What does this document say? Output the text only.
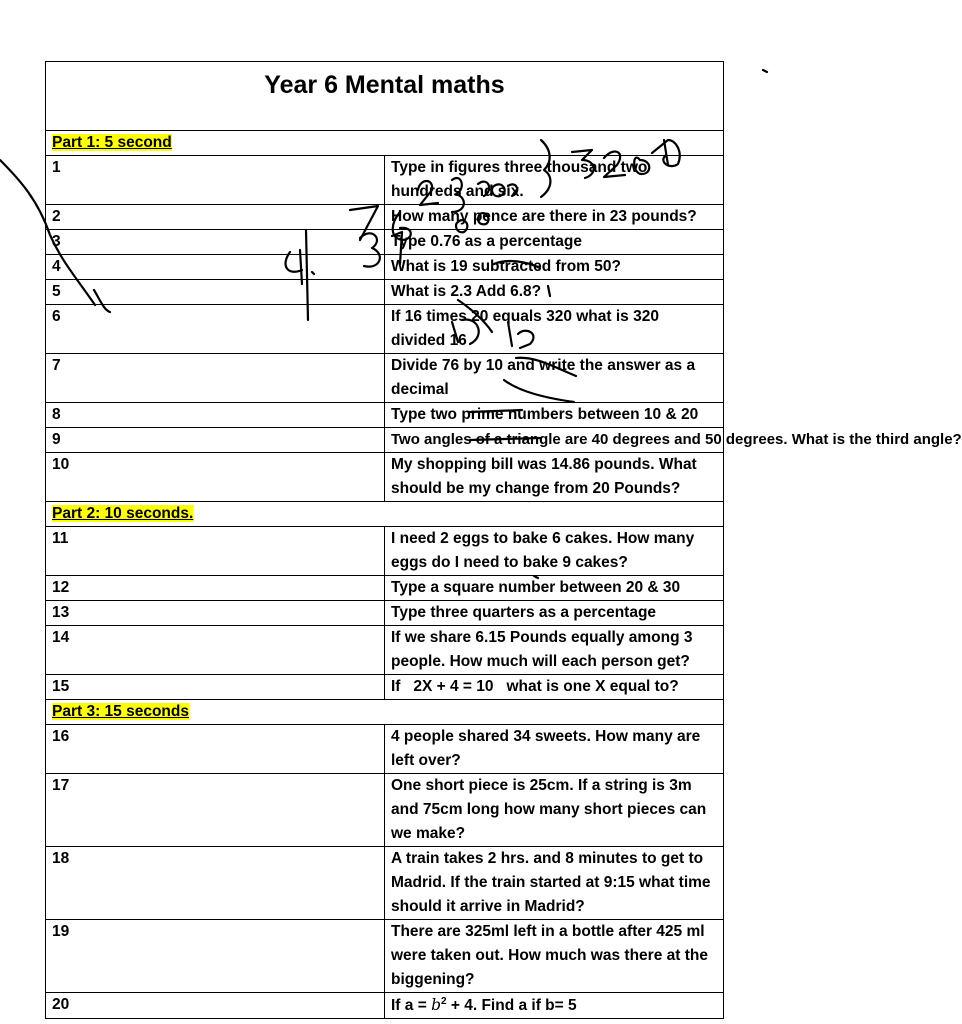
Year 6 Mental maths	
Part 1: 5 second	
1	Type in figures three thousand two hundreds and six.
2	How many pence are there in 23 pounds?
3	Type 0.76 as a percentage
4	What is 19 subtracted from 50?
5	What is 2.3 Add 6.8?
6	If 16 times 20 equals 320 what is 320 divided 16
7	Divide 76 by 10 and write the answer as a decimal
8	Type two prime numbers between 10 & 20
9	Two angles of a triangle are 40 degrees and 50 degrees. What is the third angle?
10	My shopping bill was 14.86 pounds. What should be my change from 20 Pounds?
Part 2: 10 seconds.	
11	I need 2 eggs to bake 6 cakes. How many eggs do I need to bake 9 cakes?
12	Type a square number between 20 & 30
13	Type three quarters as a percentage
14	If we share 6.15 Pounds equally among 3 people. How much will each person get?
15	If   2X + 4 = 10   what is one X equal to?
Part 3: 15 seconds	
16	4 people shared 34 sweets. How many are left over?
17	One short piece is 25cm. If a string is 3m and 75cm long how many short pieces can we make?
18	A train takes 2 hrs. and 8 minutes to get to Madrid. If the train started at 9:15 what time should it arrive in Madrid?
19	There are 325ml left in a bottle after 425 ml were taken out. How much was there at the biggening?
20	If $a = b^2 + 4$. Find a if b= 5
